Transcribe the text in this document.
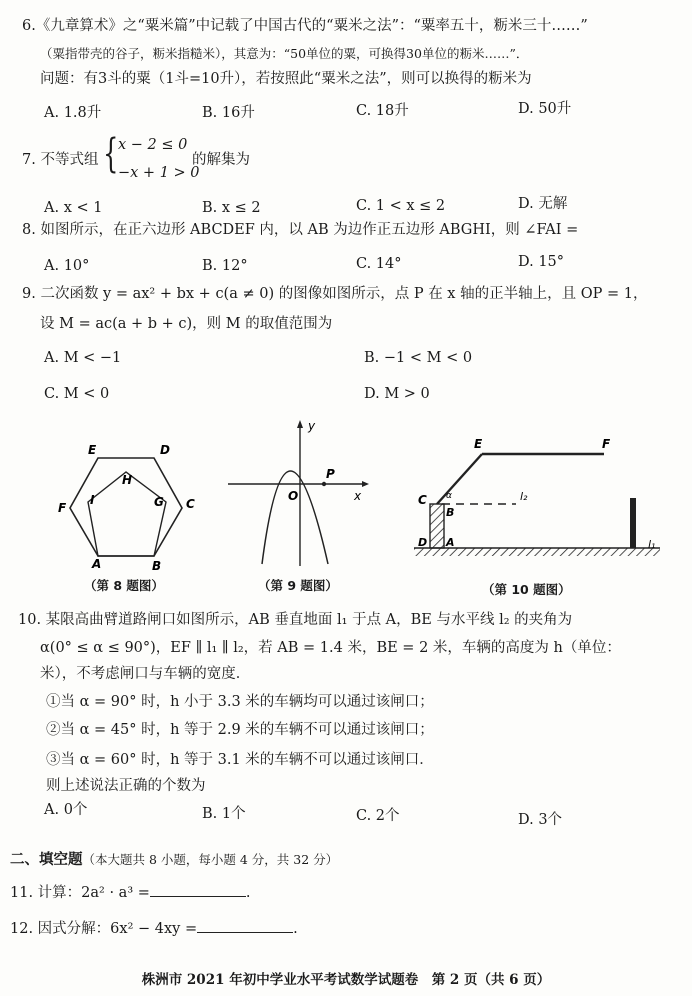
6.《九章算术》之“粟米篇”中记载了中国古代的“粟米之法”：“粟率五十，粝米三十……”
（粟指带壳的谷子，粝米指糙米），其意为：“50单位的粟，可换得30单位的粝米……”．
问题：有3斗的粟（1斗=10升），若按照此“粟米之法”，则可以换得的粝米为
A. 1.8升	B. 16升	C. 18升	D. 50升
7. 不等式组 { x − 2 ≤ 0
−x + 1 > 0
的解集为
A. x < 1	B. x ≤ 2	C. 1 < x ≤ 2	D. 无解
8. 如图所示，在正六边形 ABCDEF 内，以 AB 为边作正五边形 ABGHI，则 ∠FAI =
A. 10°	B. 12°	C. 14°	D. 15°
9. 二次函数 y = ax² + bx + c(a ≠ 0) 的图像如图所示，点 P 在 x 轴的正半轴上，且 OP = 1，
设 M = ac(a + b + c)，则 M 的取值范围为
A. M < −1	B. −1 < M < 0
C. M < 0	D. M > 0
E	D
H
F
I	G C
A	B
（第 8 题图）
y
P
O	x
（第 9 题图）
E	F
C α
B
l₂
D A	l₁
（第 10 题图）
10. 某限高曲臂道路闸口如图所示，AB 垂直地面 l₁ 于点 A，BE 与水平线 l₂ 的夹角为
α(0° ≤ α ≤ 90°)，EF ∥ l₁ ∥ l₂，若 AB = 1.4 米，BE = 2 米，车辆的高度为 h（单位：
米），不考虑闸口与车辆的宽度．
①当 α = 90° 时，h 小于 3.3 米的车辆均可以通过该闸口；
②当 α = 45° 时，h 等于 2.9 米的车辆不可以通过该闸口；
③当 α = 60° 时，h 等于 3.1 米的车辆不可以通过该闸口．
则上述说法正确的个数为
A. 0个	B. 1个	C. 2个	D. 3个
二、填空题（本大题共 8 小题，每小题 4 分，共 32 分）
11. 计算：2a² · a³ =	.
12. 因式分解：6x² − 4xy =	.
株洲市 2021 年初中学业水平考试数学试题卷　第 2 页（共 6 页）
